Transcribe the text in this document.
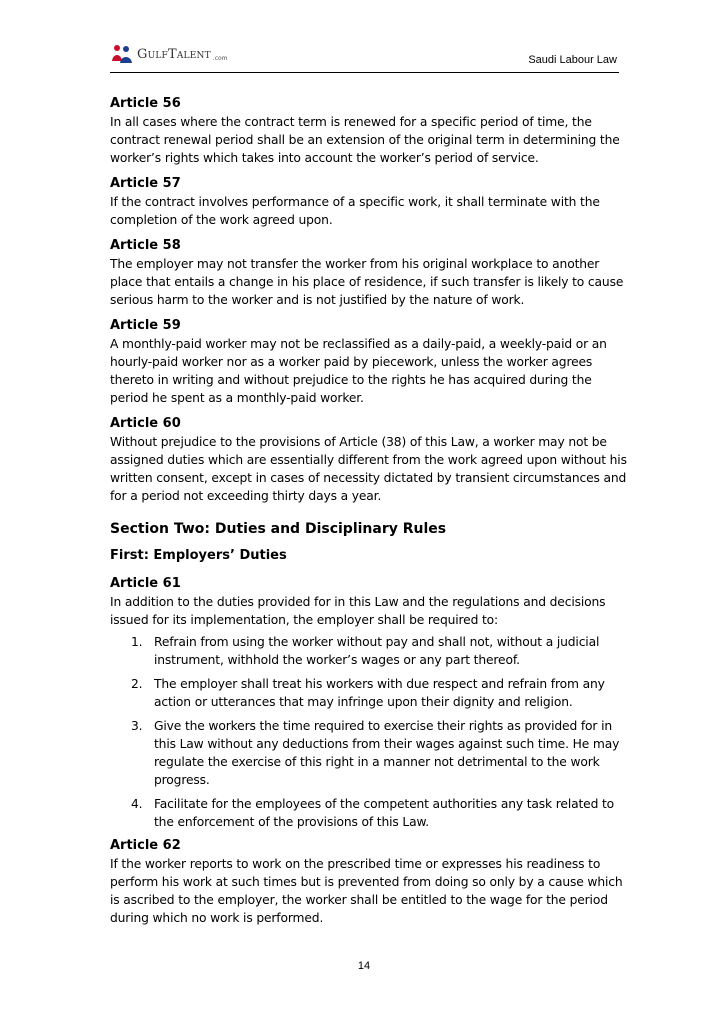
GulfTalent .com	Saudi Labour Law

Article 56

In all cases where the contract term is renewed for a specific period of time, the contract renewal period shall be an extension of the original term in determining the worker’s rights which takes into account the worker’s period of service.

Article 57

If the contract involves performance of a specific work, it shall terminate with the completion of the work agreed upon.

Article 58

The employer may not transfer the worker from his original workplace to another place that entails a change in his place of residence, if such transfer is likely to cause serious harm to the worker and is not justified by the nature of work.

Article 59

A monthly-paid worker may not be reclassified as a daily-paid, a weekly-paid or an hourly-paid worker nor as a worker paid by piecework, unless the worker agrees thereto in writing and without prejudice to the rights he has acquired during the period he spent as a monthly-paid worker.

Article 60

Without prejudice to the provisions of Article (38) of this Law, a worker may not be assigned duties which are essentially different from the work agreed upon without his written consent, except in cases of necessity dictated by transient circumstances and for a period not exceeding thirty days a year.

Section Two: Duties and Disciplinary Rules

First: Employers’ Duties

Article 61

In addition to the duties provided for in this Law and the regulations and decisions issued for its implementation, the employer shall be required to:

1. Refrain from using the worker without pay and shall not, without a judicial instrument, withhold the worker’s wages or any part thereof.
2. The employer shall treat his workers with due respect and refrain from any action or utterances that may infringe upon their dignity and religion.
3. Give the workers the time required to exercise their rights as provided for in this Law without any deductions from their wages against such time. He may regulate the exercise of this right in a manner not detrimental to the work progress.
4. Facilitate for the employees of the competent authorities any task related to the enforcement of the provisions of this Law.

Article 62

If the worker reports to work on the prescribed time or expresses his readiness to perform his work at such times but is prevented from doing so only by a cause which is ascribed to the employer, the worker shall be entitled to the wage for the period during which no work is performed.

14
